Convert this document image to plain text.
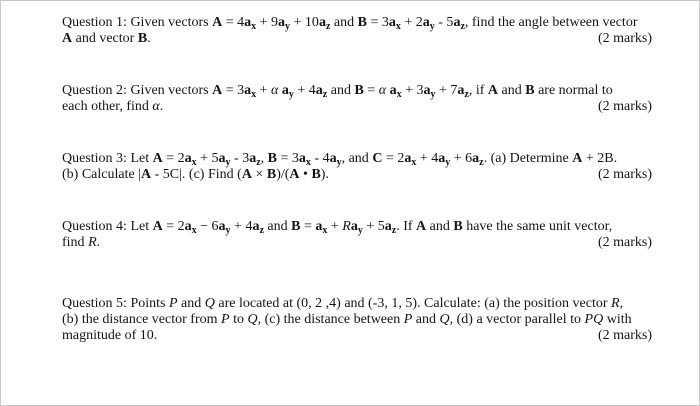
Question 1: Given vectors $A = 4a_x + 9a_y + 10a_z$ and $B = 3a_x + 2a_y - 5a_z$, find the angle between vector
A and vector B.	(2 marks)
Question 2: Given vectors $A = 3a_x + \alpha$ $a_y + 4a_z$ and B = α $a_x + 3a_y + 7a_z$, if A and B are normal to
each other, find α.	(2 marks)
Question 3: Let $A = 2a_x + 5a_y - 3a_z$, $B = 3a_x - 4a_y$, and $C = 2a_x + 4a_y + 6a_z$. (a) Determine A + 2B.
(b) Calculate |A - 5C|. (c) Find (A × B)/(A • B).	(2 marks)
Question 4: Let $A = 2a_x - 6a_y + 4a_z$ and $B = a_x + Ra_y + 5a_z$. If A and B have the same unit vector,
find R.	(2 marks)
Question 5: Points P and Q are located at (0, 2 ,4) and (-3, 1, 5). Calculate: (a) the position vector R,
(b) the distance vector from P to Q, (c) the distance between P and Q, (d) a vector parallel to PQ with
magnitude of 10.	(2 marks)
